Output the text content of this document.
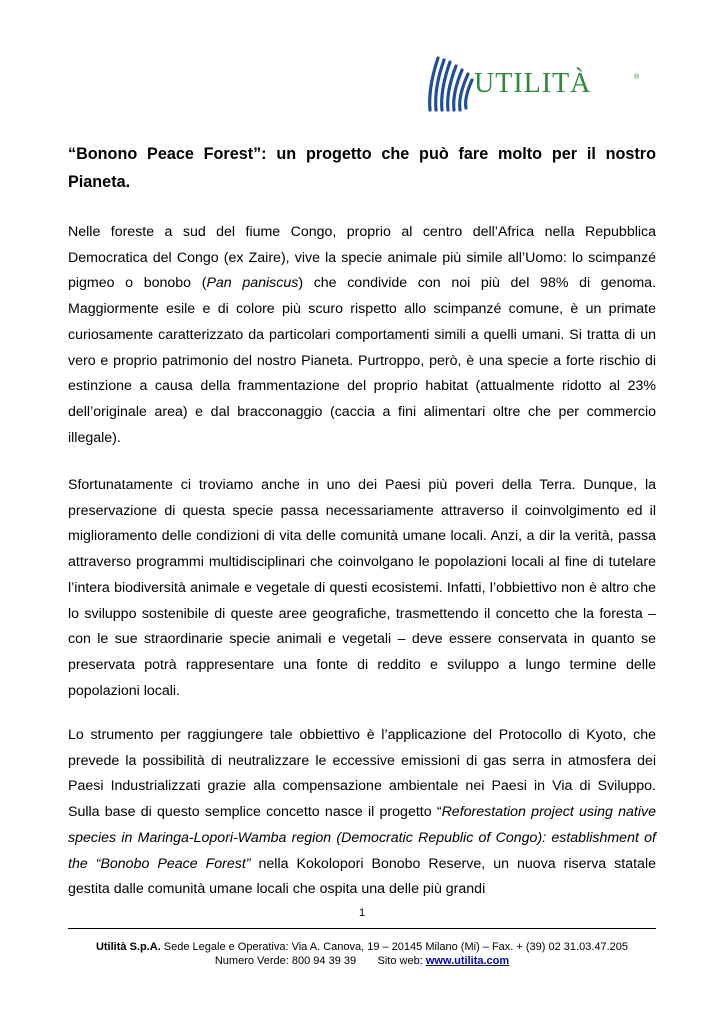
UTILITÀ	®
“Bonono Peace Forest”: un progetto che può fare molto per il nostro Pianeta.

Nelle foreste a sud del fiume Congo, proprio al centro dell’Africa nella Repubblica Democratica del Congo (ex Zaire), vive la specie animale più simile all’Uomo: lo scimpanzé pigmeo o bonobo (Pan paniscus) che condivide con noi più del 98% di genoma. Maggiormente esile e di colore più scuro rispetto allo scimpanzé comune, è un primate curiosamente caratterizzato da particolari comportamenti simili a quelli umani. Si tratta di un vero e proprio patrimonio del nostro Pianeta. Purtroppo, però, è una specie a forte rischio di estinzione a causa della frammentazione del proprio habitat (attualmente ridotto al 23% dell’originale area) e dal bracconaggio (caccia a fini alimentari oltre che per commercio illegale).

Sfortunatamente ci troviamo anche in uno dei Paesi più poveri della Terra. Dunque, la preservazione di questa specie passa necessariamente attraverso il coinvolgimento ed il miglioramento delle condizioni di vita delle comunità umane locali. Anzi, a dir la verità, passa attraverso programmi multidisciplinari che coinvolgano le popolazioni locali al fine di tutelare l’intera biodiversità animale e vegetale di questi ecosistemi. Infatti, l’obbiettivo non è altro che lo sviluppo sostenibile di queste aree geografiche, trasmettendo il concetto che la foresta – con le sue straordinarie specie animali e vegetali – deve essere conservata in quanto se preservata potrà rappresentare una fonte di reddito e sviluppo a lungo termine delle popolazioni locali.

Lo strumento per raggiungere tale obbiettivo è l’applicazione del Protocollo di Kyoto, che prevede la possibilità di neutralizzare le eccessive emissioni di gas serra in atmosfera dei Paesi Industrializzati grazie alla compensazione ambientale nei Paesi in Via di Sviluppo. Sulla base di questo semplice concetto nasce il progetto “Reforestation project using native species in Maringa-Lopori-Wamba region (Democratic Republic of Congo): establishment of the “Bonobo Peace Forest” nella Kokolopori Bonobo Reserve, un nuova riserva statale gestita dalle comunità umane locali che ospita una delle più grandi

1
Utilità S.p.A. Sede Legale e Operativa: Via A. Canova, 19 – 20145 Milano (Mi) – Fax. + (39) 02 31.03.47.205
Numero Verde: 800 94 39 39 Sito web: www.utilita.com
